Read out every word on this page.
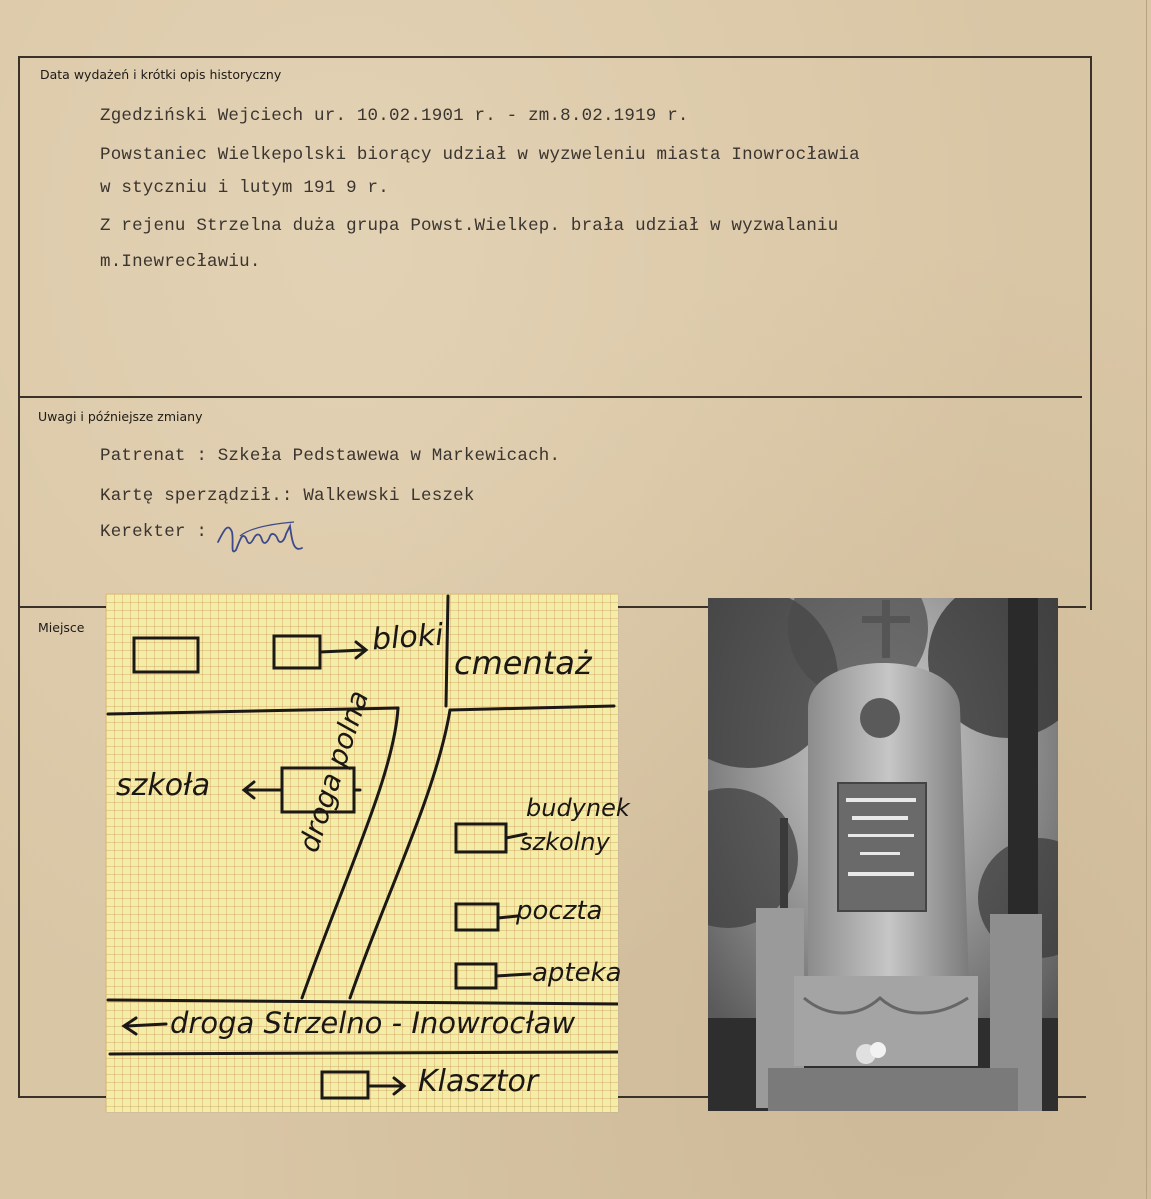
Data wydażeń i krótki opis historyczny
Uwagi i późniejsze zmiany
Miejsce
Zgedziński Wejciech ur. 10.02.1901 r. - zm.8.02.1919 r.
Powstaniec Wielkepolski biorący udział w wyzweleniu miasta Inowrocławia
w styczniu i lutym 191 9 r.
Z rejenu Strzelna duża grupa Powst.Wielkep. brała udział w wyzwalaniu
m.Inewrecławiu.
Patrenat : Szkeła Pedstawewa w Markewicach.
Kartę sperządził.: Walkewski Leszek
Kerekter :
bloki
cmentaż
szkoła	droga polna	budynek
szkolny
poczta
apteka
droga Strzelno - Inowrocław
Klasztor
